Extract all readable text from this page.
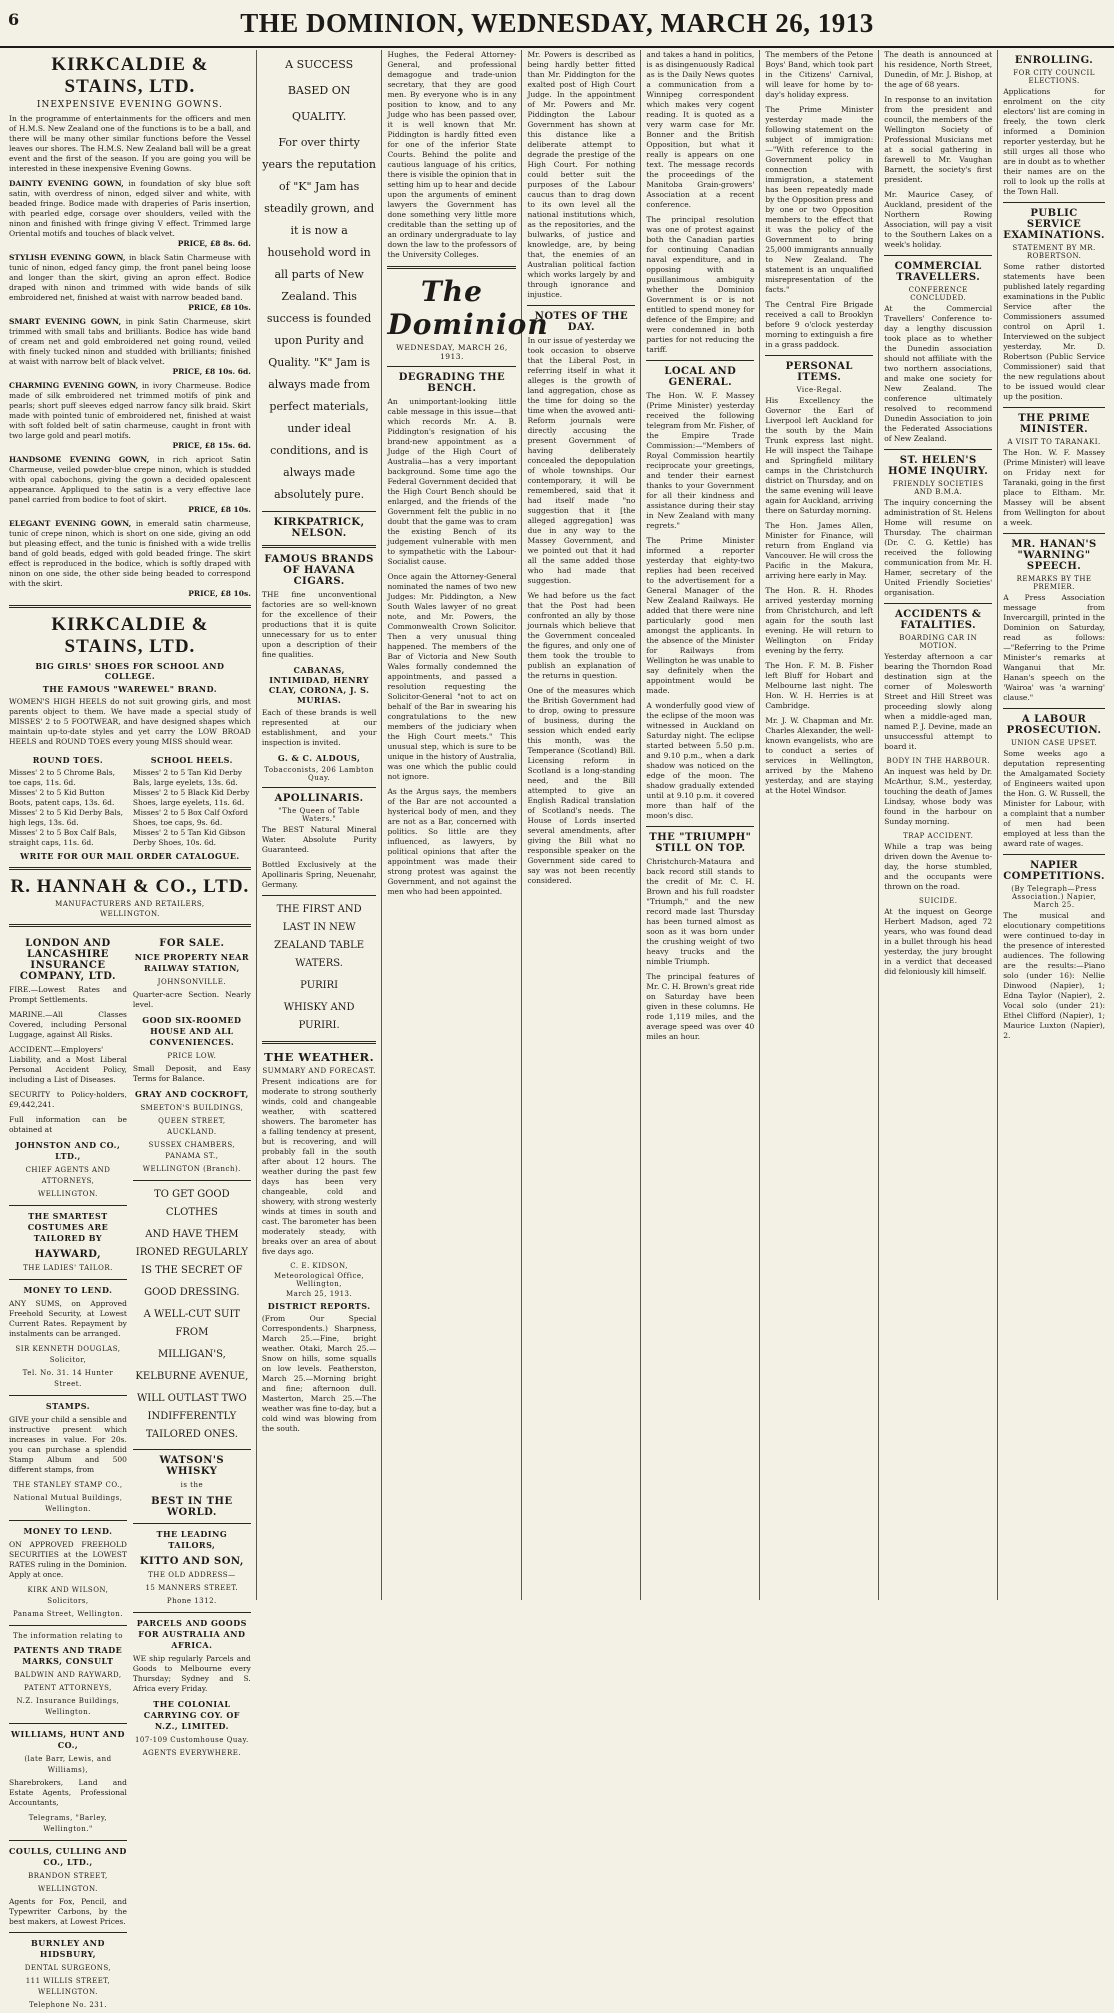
6	THE DOMINION, WEDNESDAY, MARCH 26, 1913
KIRKCALDIE & STAINS, LTD.
INEXPENSIVE EVENING GOWNS.
In the programme of entertainments for the officers and men of H.M.S. New Zealand one of the functions is to be a ball, and there will be many other similar functions before the Vessel leaves our shores. The H.M.S. New Zealand ball will be a great event and the first of the season. If you are going you will be interested in these inexpensive Evening Gowns.
DAINTY EVENING GOWN, in foundation of sky blue soft satin, with overdress of ninon, edged silver and white, with beaded fringe. Bodice made with draperies of Paris insertion, with pearled edge, corsage over shoulders, veiled with the ninon and finished with fringe giving V effect. Trimmed large Oriental motifs and touches of black velvet.
PRICE, £8 8s. 6d.
STYLISH EVENING GOWN, in black Satin Charmeuse with tunic of ninon, edged fancy gimp, the front panel being loose and longer than the skirt, giving an apron effect. Bodice draped with ninon and trimmed with wide bands of silk embroidered net, finished at waist with narrow beaded band.
PRICE, £8 10s.
SMART EVENING GOWN, in pink Satin Charmeuse, skirt trimmed with small tabs and brilliants. Bodice has wide band of cream net and gold embroidered net going round, veiled with finely tucked ninon and studded with brilliants; finished at waist with narrow belt of black velvet.
PRICE, £8 10s. 6d.
CHARMING EVENING GOWN, in ivory Charmeuse. Bodice made of silk embroidered net trimmed motifs of pink and pearls; short puff sleeves edged narrow fancy silk braid. Skirt made with pointed tunic of embroidered net, finished at waist with soft folded belt of satin charmeuse, caught in front with two large gold and pearl motifs.
PRICE, £8 15s. 6d.
HANDSOME EVENING GOWN, in rich apricot Satin Charmeuse, veiled powder-blue crepe ninon, which is studded with opal cabochons, giving the gown a decided opalescent appearance. Appliqued to the satin is a very effective lace panel carried from bodice to foot of skirt.
PRICE, £8 10s.
ELEGANT EVENING GOWN, in emerald satin charmeuse, tunic of crepe ninon, which is short on one side, giving an odd but pleasing effect, and the tunic is finished with a wide trellis band of gold beads, edged with gold beaded fringe. The skirt effect is reproduced in the bodice, which is softly draped with ninon on one side, the other side being beaded to correspond with the skirt.
PRICE, £8 10s.
KIRKCALDIE & STAINS, LTD.
BIG GIRLS' SHOES FOR SCHOOL AND COLLEGE.
THE FAMOUS "WAREWEL" BRAND.
WOMEN'S HIGH HEELS do not suit growing girls, and most parents object to them. We have made a special study of MISSES' 2 to 5 FOOTWEAR, and have designed shapes which maintain up-to-date styles and yet carry the LOW BROAD HEELS and ROUND TOES every young MISS should wear.
ROUND TOES.
Misses' 2 to 5 Chrome Bals, toe caps, 11s. 6d.
Misses' 2 to 5 Kid Button Boots, patent caps, 13s. 6d.
Misses' 2 to 5 Kid Derby Bals, high legs, 13s. 6d.
Misses' 2 to 5 Box Calf Bals, straight caps, 11s. 6d.
SCHOOL HEELS.
Misses' 2 to 5 Tan Kid Derby Bals, large eyelets, 13s. 6d.
Misses' 2 to 5 Black Kid Derby Shoes, large eyelets, 11s. 6d.
Misses' 2 to 5 Box Calf Oxford Shoes, toe caps, 9s. 6d.
Misses' 2 to 5 Tan Kid Gibson Derby Shoes, 10s. 6d.
WRITE FOR OUR MAIL ORDER CATALOGUE.
R. HANNAH & CO., LTD.
MANUFACTURERS AND RETAILERS,
WELLINGTON.
LONDON AND LANCASHIRE INSURANCE COMPANY, LTD.
FIRE.—Lowest Rates and Prompt Settlements.
MARINE.—All Classes Covered, including Personal Luggage, against All Risks.
ACCIDENT.—Employers' Liability, and a Most Liberal Personal Accident Policy, including a List of Diseases.
SECURITY to Policy-holders, £9,442,241.
Full information can be obtained at
JOHNSTON AND CO., LTD.,
CHIEF AGENTS AND ATTORNEYS,
WELLINGTON.
THE SMARTEST COSTUMES ARE TAILORED BY
HAYWARD,
THE LADIES' TAILOR.
MONEY TO LEND.
ANY SUMS, on Approved Freehold Security, at Lowest Current Rates. Repayment by instalments can be arranged.
SIR KENNETH DOUGLAS, Solicitor,
Tel. No. 31. 14 Hunter Street.
STAMPS.
GIVE your child a sensible and instructive present which increases in value. For 20s. you can purchase a splendid Stamp Album and 500 different stamps, from
THE STANLEY STAMP CO.,
National Mutual Buildings, Wellington.
MONEY TO LEND.
ON APPROVED FREEHOLD SECURITIES at the LOWEST RATES ruling in the Dominion. Apply at once.
KIRK AND WILSON, Solicitors,
Panama Street, Wellington.
The information relating to
PATENTS AND TRADE MARKS, CONSULT
BALDWIN AND RAYWARD,
PATENT ATTORNEYS,
N.Z. Insurance Buildings, Wellington.
WILLIAMS, HUNT AND CO.,
(late Barr, Lewis, and Williams),
Sharebrokers, Land and Estate Agents, Professional Accountants,
Telegrams, "Barley, Wellington."
COULLS, CULLING AND CO., LTD.,
BRANDON STREET,
WELLINGTON.
Agents for Fox, Pencil, and Typewriter Carbons, by the best makers, at Lowest Prices.
BURNLEY AND HIDSBURY,
DENTAL SURGEONS,
111 WILLIS STREET, WELLINGTON.
Telephone No. 231.
FOR SALE.
NICE PROPERTY NEAR RAILWAY STATION,
JOHNSONVILLE.
Quarter-acre Section. Nearly level.
GOOD SIX-ROOMED HOUSE AND ALL CONVENIENCES.
PRICE LOW.
Small Deposit, and Easy Terms for Balance.
GRAY AND COCKROFT,
SMEETON'S BUILDINGS,
QUEEN STREET, AUCKLAND.
SUSSEX CHAMBERS, PANAMA ST.,
WELLINGTON (Branch).
TO GET GOOD CLOTHES
AND HAVE THEM IRONED REGULARLY IS THE SECRET OF
GOOD DRESSING.
A WELL-CUT SUIT FROM
MILLIGAN'S,
KELBURNE AVENUE,
WILL OUTLAST TWO INDIFFERENTLY TAILORED ONES.
WATSON'S WHISKY
is the
BEST IN THE WORLD.
THE LEADING TAILORS,
KITTO AND SON,
THE OLD ADDRESS—
15 MANNERS STREET.
Phone 1312.
PARCELS AND GOODS FOR AUSTRALIA AND AFRICA.
WE ship regularly Parcels and Goods to Melbourne every Thursday; Sydney and S. Africa every Friday.
THE COLONIAL CARRYING COY. OF N.Z., LIMITED.
107-109 Customhouse Quay.
AGENTS EVERYWHERE.
A SUCCESS
BASED ON
QUALITY.
For over thirty years the reputation of "K" Jam has steadily grown, and it is now a household word in all parts of New Zealand. This success is founded upon Purity and Quality. "K" Jam is always made from perfect materials, under ideal conditions, and is always made absolutely pure.
KIRKPATRICK, NELSON.
FAMOUS BRANDS OF HAVANA CIGARS.
THE fine unconventional factories are so well-known for the excellence of their productions that it is quite unnecessary for us to enter upon a description of their fine qualities.
CABANAS, INTIMIDAD, HENRY CLAY, CORONA, J. S. MURIAS.
Each of these brands is well represented at our establishment, and your inspection is invited.
G. & C. ALDOUS,
Tobacconists, 206 Lambton Quay.
APOLLINARIS.
"The Queen of Table Waters."
The BEST Natural Mineral Water. Absolute Purity Guaranteed.
Bottled Exclusively at the Apollinaris Spring, Neuenahr, Germany.
THE FIRST AND LAST IN NEW ZEALAND TABLE WATERS.
PURIRI
WHISKY AND PURIRI.
THE WEATHER.
SUMMARY AND FORECAST.
Present indications are for moderate to strong southerly winds, cold and changeable weather, with scattered showers. The barometer has a falling tendency at present, but is recovering, and will probably fall in the south after about 12 hours. The weather during the past few days has been very changeable, cold and showery, with strong westerly winds at times in south and cast. The barometer has been moderately steady, with breaks over an area of about five days ago.
C. E. KIDSON,
Meteorological Office, Wellington,
March 25, 1913.
DISTRICT REPORTS.
(From Our Special Correspondents.) Sharpness, March 25.—Fine, bright weather. Otaki, March 25.—Snow on hills, some squalls on low levels. Featherston, March 25.—Morning bright and fine; afternoon dull. Masterton, March 25.—The weather was fine to-day, but a cold wind was blowing from the south.
Hughes, the Federal Attorney-General, and professional demagogue and trade-union secretary, that they are good men. By everyone who is in any position to know, and to any Judge who has been passed over, it is well known that Mr. Piddington is hardly fitted even for one of the inferior State Courts. Behind the polite and cautious language of his critics, there is visible the opinion that in setting him up to hear and decide upon the arguments of eminent lawyers the Government has done something very little more creditable than the setting up of an ordinary undergraduate to lay down the law to the professors of the University Colleges.
The Dominion
WEDNESDAY, MARCH 26, 1913.
DEGRADING THE BENCH.
An unimportant-looking little cable message in this issue—that which records Mr. A. B. Piddington's resignation of his brand-new appointment as a Judge of the High Court of Australia—has a very important background. Some time ago the Federal Government decided that the High Court Bench should be enlarged, and the friends of the Government felt the public in no doubt that the game was to cram the existing Bench of its judgement vulnerable with men to sympathetic with the Labour-Socialist cause.
Once again the Attorney-General nominated the names of two new Judges: Mr. Piddington, a New South Wales lawyer of no great note, and Mr. Powers, the Commonwealth Crown Solicitor. Then a very unusual thing happened. The members of the Bar of Victoria and New South Wales formally condemned the appointments, and passed a resolution requesting the Solicitor-General "not to act on behalf of the Bar in swearing his congratulations to the new members of the judiciary when the High Court meets." This unusual step, which is sure to be unique in the history of Australia, was one which the public could not ignore.
As the Argus says, the members of the Bar are not accounted a hysterical body of men, and they are not as a Bar, concerned with politics. So little are they influenced, as lawyers, by political opinions that after the appointment was made their strong protest was against the Government, and not against the men who had been appointed.
Mr. Powers is described as being hardly better fitted than Mr. Piddington for the exalted post of High Court Judge. In the appointment of Mr. Powers and Mr. Piddington the Labour Government has shown at this distance like a deliberate attempt to degrade the prestige of the High Court. For nothing could better suit the purposes of the Labour caucus than to drag down to its own level all the national institutions which, as the repositories, and the bulwarks, of justice and knowledge, are, by being that, the enemies of an Australian political faction which works largely by and through ignorance and injustice.
NOTES OF THE DAY.
In our issue of yesterday we took occasion to observe that the Liberal Post, in referring itself in what it alleges is the growth of land aggregation, chose as the time for doing so the time when the avowed anti-Reform journals were directly accusing the present Government of having deliberately concealed the depopulation of whole townships. Our contemporary, it will be remembered, said that it had itself made "no suggestion that it [the alleged aggregation] was due in any way to the Massey Government, and we pointed out that it had all the same added those who had made that suggestion.
We had before us the fact that the Post had been confronted an ally by those journals which believe that the Government concealed the figures, and only one of them took the trouble to publish an explanation of the returns in question.
One of the measures which the British Government had to drop, owing to pressure of business, during the session which ended early this month, was the Temperance (Scotland) Bill. Licensing reform in Scotland is a long-standing need, and the Bill attempted to give an English Radical translation of Scotland's needs. The House of Lords inserted several amendments, after giving the Bill what no responsible speaker on the Government side cared to say was not been recently considered.
and takes a hand in politics, is as disingenuously Radical as is the Daily News quotes a communication from a Winnipeg correspondent which makes very cogent reading. It is quoted as a very warm case for Mr. Bonner and the British Opposition, but what it really is appears on one text. The message records the proceedings of the Manitoba Grain-growers' Association at a recent conference.
The principal resolution was one of protest against both the Canadian parties for continuing Canadian naval expenditure, and in opposing with a pusillanimous ambiguity whether the Dominion Government is or is not entitled to spend money for defence of the Empire; and were condemned in both parties for not reducing the tariff.
LOCAL AND GENERAL.
The Hon. W. F. Massey (Prime Minister) yesterday received the following telegram from Mr. Fisher, of the Empire Trade Commission:—"Members of Royal Commission heartily reciprocate your greetings, and tender their earnest thanks to your Government for all their kindness and assistance during their stay in New Zealand with many regrets."
The Prime Minister informed a reporter yesterday that eighty-two replies had been received to the advertisement for a General Manager of the New Zealand Railways. He added that there were nine particularly good men amongst the applicants. In the absence of the Minister for Railways from Wellington he was unable to say definitely when the appointment would be made.
A wonderfully good view of the eclipse of the moon was witnessed in Auckland on Saturday night. The eclipse started between 5.50 p.m. and 9.10 p.m., when a dark shadow was noticed on the edge of the moon. The shadow gradually extended until at 9.10 p.m. it covered more than half of the moon's disc.
THE "TRIUMPH" STILL ON TOP.
Christchurch-Mataura and back record still stands to the credit of Mr. C. H. Brown and his full roadster "Triumph," and the new record made last Thursday has been turned almost as soon as it was born under the crushing weight of two heavy trucks and the nimble Triumph.
The principal features of Mr. C. H. Brown's great ride on Saturday have been given in these columns. He rode 1,119 miles, and the average speed was over 40 miles an hour.
The members of the Petone Boys' Band, which took part in the Citizens' Carnival, will leave for home by to-day's holiday express.
The Prime Minister yesterday made the following statement on the subject of immigration:—"With reference to the Government policy in connection with immigration, a statement has been repeatedly made by the Opposition press and by one or two Opposition members to the effect that it was the policy of the Government to bring 25,000 immigrants annually to New Zealand. The statement is an unqualified misrepresentation of the facts."
The Central Fire Brigade received a call to Brooklyn before 9 o'clock yesterday morning to extinguish a fire in a grass paddock.
PERSONAL ITEMS.
Vice-Regal.
His Excellency the Governor the Earl of Liverpool left Auckland for the south by the Main Trunk express last night. He will inspect the Taihape and Springfield military camps in the Christchurch district on Thursday, and on the same evening will leave again for Auckland, arriving there on Saturday morning.
The Hon. James Allen, Minister for Finance, will return from England via Vancouver. He will cross the Pacific in the Makura, arriving here early in May.
The Hon. R. H. Rhodes arrived yesterday morning from Christchurch, and left again for the south last evening. He will return to Wellington on Friday evening by the ferry.
The Hon. F. M. B. Fisher left Bluff for Hobart and Melbourne last night. The Hon. W. H. Herries is at Cambridge.
Mr. J. W. Chapman and Mr. Charles Alexander, the well-known evangelists, who are to conduct a series of services in Wellington, arrived by the Maheno yesterday, and are staying at the Hotel Windsor.
The death is announced at his residence, North Street, Dunedin, of Mr. J. Bishop, at the age of 68 years.
In response to an invitation from the president and council, the members of the Wellington Society of Professional Musicians met at a social gathering in farewell to Mr. Vaughan Barnett, the society's first president.
Mr. Maurice Casey, of Auckland, president of the Northern Rowing Association, will pay a visit to the Southern Lakes on a week's holiday.
COMMERCIAL TRAVELLERS.
CONFERENCE CONCLUDED.
At the Commercial Travellers' Conference to-day a lengthy discussion took place as to whether the Dunedin association should not affiliate with the two northern associations, and make one society for New Zealand. The conference ultimately resolved to recommend Dunedin Association to join the Federated Associations of New Zealand.
ST. HELEN'S HOME INQUIRY.
FRIENDLY SOCIETIES AND B.M.A.
The inquiry concerning the administration of St. Helens Home will resume on Thursday. The chairman (Dr. C. G. Kettle) has received the following communication from Mr. H. Hamer, secretary of the United Friendly Societies' organisation.
ACCIDENTS & FATALITIES.
BOARDING CAR IN MOTION.
Yesterday afternoon a car bearing the Thorndon Road destination sign at the corner of Molesworth Street and Hill Street was proceeding slowly along when a middle-aged man, named P. J. Devine, made an unsuccessful attempt to board it.
BODY IN THE HARBOUR.
An inquest was held by Dr. McArthur, S.M., yesterday, touching the death of James Lindsay, whose body was found in the harbour on Sunday morning.
TRAP ACCIDENT.
While a trap was being driven down the Avenue to-day, the horse stumbled, and the occupants were thrown on the road.
SUICIDE.
At the inquest on George Herbert Madson, aged 72 years, who was found dead in a bullet through his head yesterday, the jury brought in a verdict that deceased did feloniously kill himself.
ENROLLING.
FOR CITY COUNCIL ELECTIONS.
Applications for enrolment on the city electors' list are coming in freely, the town clerk informed a Dominion reporter yesterday, but he still urges all those who are in doubt as to whether their names are on the roll to look up the rolls at the Town Hall.
PUBLIC SERVICE EXAMINATIONS.
STATEMENT BY MR. ROBERTSON.
Some rather distorted statements have been published lately regarding examinations in the Public Service after the Commissioners assumed control on April 1. Interviewed on the subject yesterday, Mr. D. Robertson (Public Service Commissioner) said that the new regulations about to be issued would clear up the position.
THE PRIME MINISTER.
A VISIT TO TARANAKI.
The Hon. W. F. Massey (Prime Minister) will leave on Friday next for Taranaki, going in the first place to Eltham. Mr. Massey will be absent from Wellington for about a week.
MR. HANAN'S "WARNING" SPEECH.
REMARKS BY THE PREMIER.
A Press Association message from Invercargill, printed in the Dominion on Saturday, read as follows:—"Referring to the Prime Minister's remarks at Wanganui that Mr. Hanan's speech on the 'Wairoa' was 'a warning' clause."
A LABOUR PROSECUTION.
UNION CASE UPSET.
Some weeks ago a deputation representing the Amalgamated Society of Engineers waited upon the Hon. G. W. Russell, the Minister for Labour, with a complaint that a number of men had been employed at less than the award rate of wages.
NAPIER COMPETITIONS.
(By Telegraph—Press Association.) Napier, March 25.
The musical and elocutionary competitions were continued to-day in the presence of interested audiences. The following are the results:—Piano solo (under 16): Nellie Dinwood (Napier), 1; Edna Taylor (Napier), 2. Vocal solo (under 21): Ethel Clifford (Napier), 1; Maurice Luxton (Napier), 2.
